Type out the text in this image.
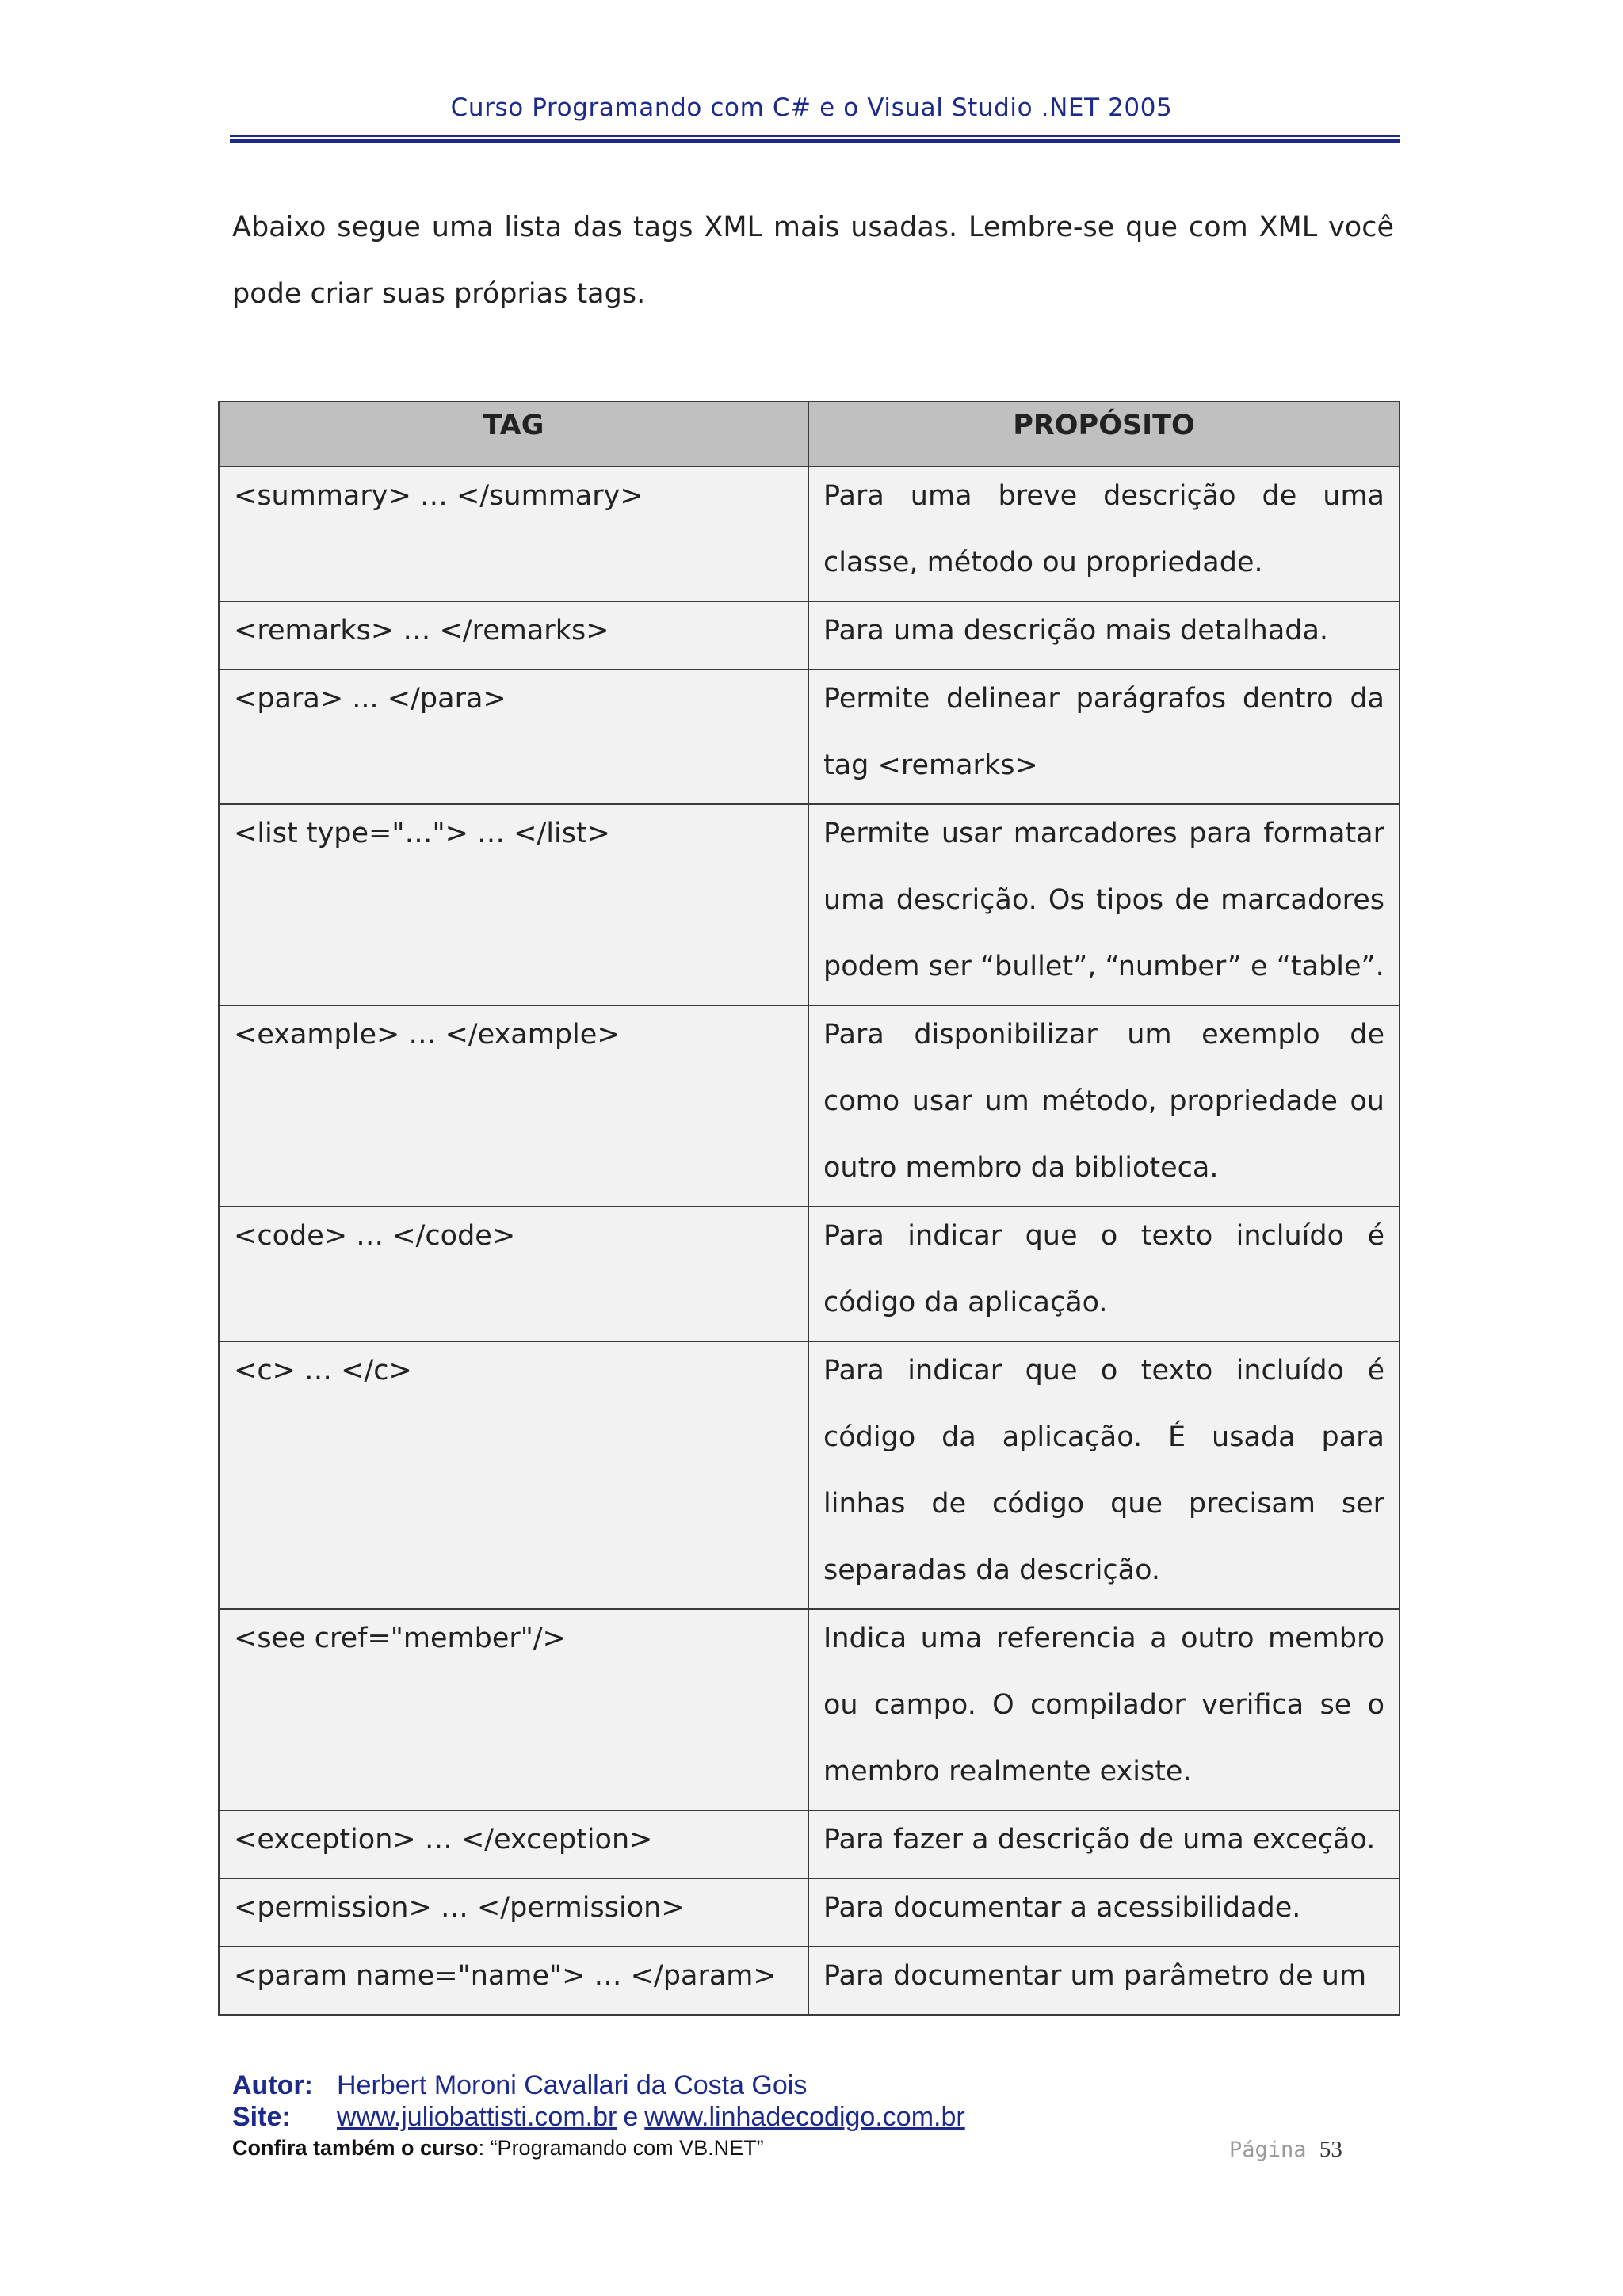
Curso Programando com C# e o Visual Studio .NET 2005
Abaixo segue uma lista das tags XML mais usadas. Lembre-se que com XML você pode criar suas próprias tags.
TAG	PROPÓSITO

<summary> … </summary>	Para uma breve descrição de uma classe, método ou propriedade.

<remarks> … </remarks>	Para uma descrição mais detalhada.

<para> ... </para>	Permite delinear parágrafos dentro da tag <remarks>

<list type="…"> … </list>	Permite usar marcadores para formatar uma descrição. Os tipos de marcadores podem ser “bullet”, “number” e “table”.

<example> … </example>	Para disponibilizar um exemplo de como usar um método, propriedade ou outro membro da biblioteca.

<code> … </code>	Para indicar que o texto incluído é código da aplicação.

<c> … </c>	Para indicar que o texto incluído é código da aplicação. É usada para linhas de código que precisam ser separadas da descrição.

<see cref="member"/>	Indica uma referencia a outro membro ou campo. O compilador verifica se o membro realmente existe.

<exception> … </exception>	Para fazer a descrição de uma exceção.

<permission> … </permission>	Para documentar a acessibilidade.

<param name="name"> … </param>	Para documentar um parâmetro de um
Autor: Herbert Moroni Cavallari da Costa Gois
Site: www.juliobattisti.com.br e www.linhadecodigo.com.br
Confira também o curso: “Programando com VB.NET”	Página 53
